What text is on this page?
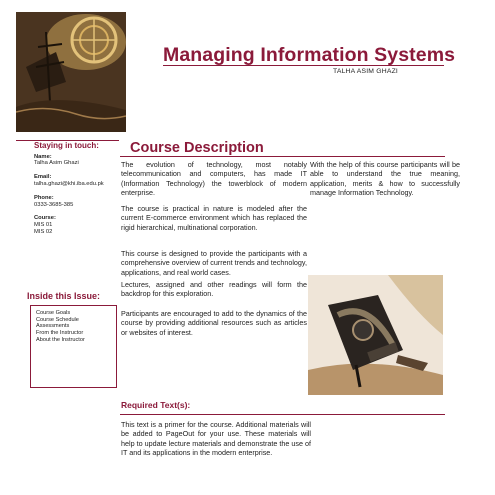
Managing Information Systems
TALHA ASIM GHAZI
Staying in touch:
Name:
Talha Asim Ghazi
Email:
talha.ghazi@khi.iba.edu.pk
Phone:
0333-3685-385
Course:
MIS 01
MIS 02
Inside this Issue:
Course Goals
Course Schedule
Assessments
From the Instructor
About the Instructor
Course Description
The evolution of technology, most notably telecommunication and computers, has made IT (Information Technology) the towerblock of modern enterprise.
The course is practical in nature is modeled after the current E-commerce environment which has replaced the rigid hierarchical, multinational corporation.
This course is designed to provide the participants with a comprehensive overview of current trends and technology, applications, and real world cases.
Lectures, assigned and other readings will form the backdrop for this exploration.
Participants are encouraged to add to the dynamics of the course by providing additional resources such as articles or websites of interest.
With the help of this course participants will be able to understand the true meaning, application, merits & how to successfully manage Information Technology.
Required Text(s):
This text is a primer for the course. Additional materials will be added to PageOut for your use. These materials will help to update lecture materials and demonstrate the use of IT and its applications in the modern enterprise.
